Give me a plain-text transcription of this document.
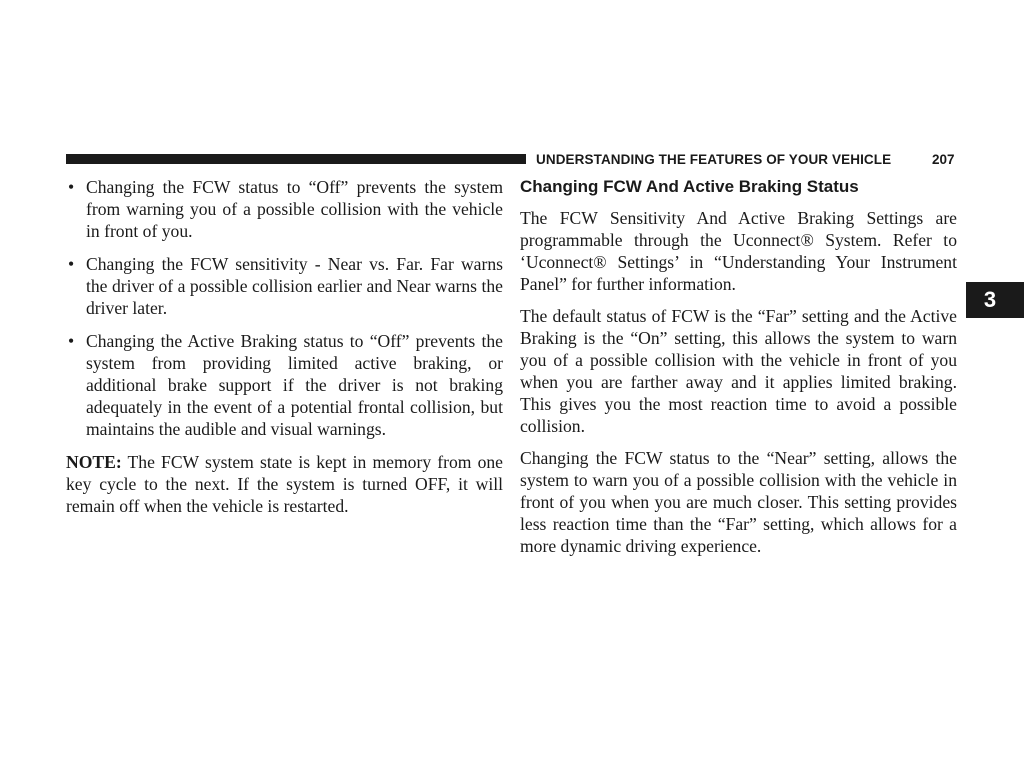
UNDERSTANDING THE FEATURES OF YOUR VEHICLE	207
3
• Changing the FCW status to “Off” prevents the system from warning you of a possible collision with the vehicle in front of you.
• Changing the FCW sensitivity - Near vs. Far. Far warns the driver of a possible collision earlier and Near warns the driver later.
• Changing the Active Braking status to “Off” prevents the system from providing limited active braking, or additional brake support if the driver is not braking adequately in the event of a potential frontal collision, but maintains the audible and visual warnings.

NOTE: The FCW system state is kept in memory from one key cycle to the next. If the system is turned OFF, it will remain off when the vehicle is restarted.

Changing FCW And Active Braking Status

The FCW Sensitivity And Active Braking Settings are programmable through the Uconnect® System. Refer to ‘Uconnect® Settings’ in “Understanding Your Instrument Panel” for further information.

The default status of FCW is the “Far” setting and the Active Braking is the “On” setting, this allows the system to warn you of a possible collision with the vehicle in front of you when you are farther away and it applies limited braking. This gives you the most reaction time to avoid a possible collision.

Changing the FCW status to the “Near” setting, allows the system to warn you of a possible collision with the vehicle in front of you when you are much closer. This setting provides less reaction time than the “Far” setting, which allows for a more dynamic driving experience.
